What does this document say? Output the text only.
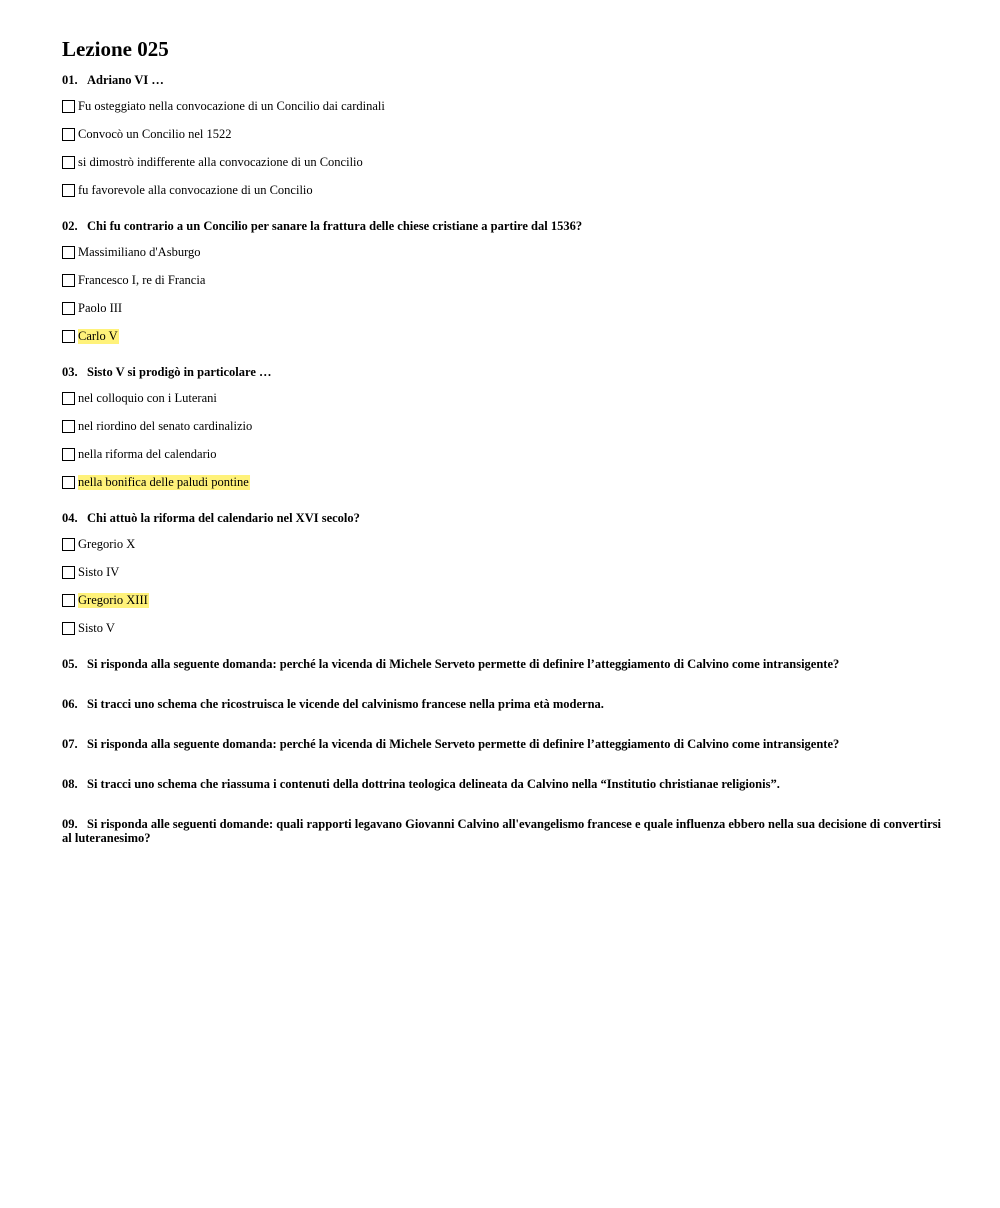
Lezione 025
01. Adriano VI …
Fu osteggiato nella convocazione di un Concilio dai cardinali
Convocò un Concilio nel 1522
si dimostrò indifferente alla convocazione di un Concilio
fu favorevole alla convocazione di un Concilio
02. Chi fu contrario a un Concilio per sanare la frattura delle chiese cristiane a partire dal 1536?
Massimiliano d'Asburgo
Francesco I, re di Francia
Paolo III
Carlo V
03. Sisto V si prodigò in particolare …
nel colloquio con i Luterani
nel riordino del senato cardinalizio
nella riforma del calendario
nella bonifica delle paludi pontine
04. Chi attuò la riforma del calendario nel XVI secolo?
Gregorio X
Sisto IV
Gregorio XIII
Sisto V
05. Si risponda alla seguente domanda: perché la vicenda di Michele Serveto permette di definire l’atteggiamento di Calvino come intransigente?
06. Si tracci uno schema che ricostruisca le vicende del calvinismo francese nella prima età moderna.
07. Si risponda alla seguente domanda: perché la vicenda di Michele Serveto permette di definire l’atteggiamento di Calvino come intransigente?
08. Si tracci uno schema che riassuma i contenuti della dottrina teologica delineata da Calvino nella “Institutio christianae religionis”.
09. Si risponda alle seguenti domande: quali rapporti legavano Giovanni Calvino all'evangelismo francese e quale influenza ebbero nella sua decisione di convertirsi al luteranesimo?
